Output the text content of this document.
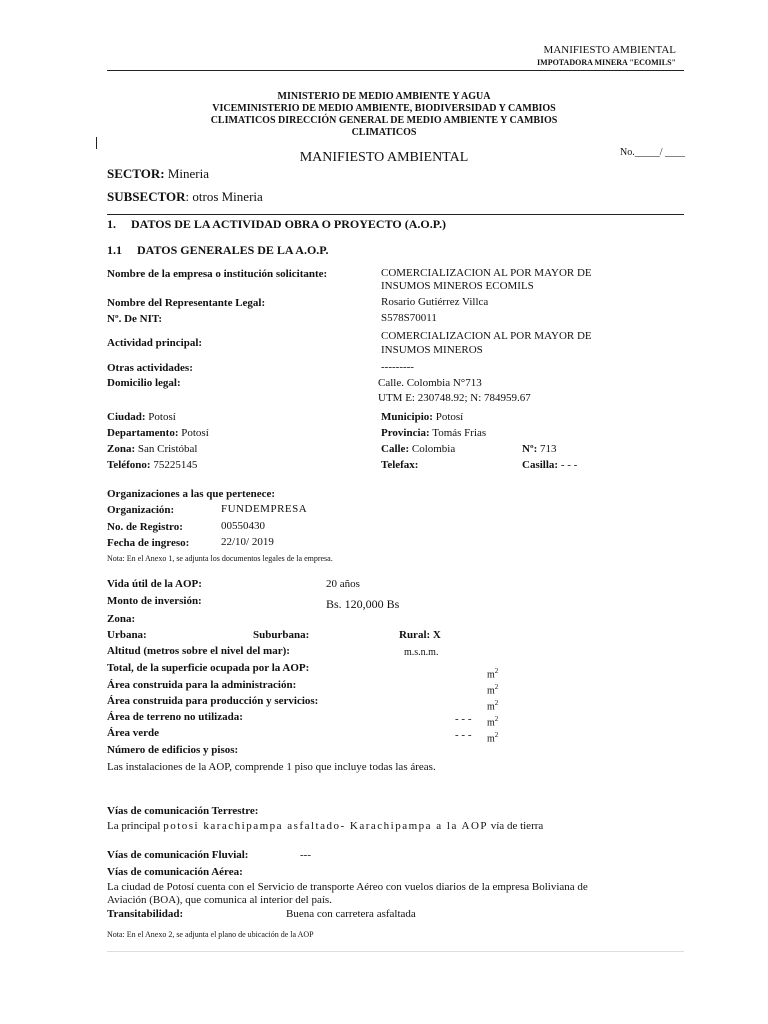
MANIFIESTO AMBIENTAL
IMPOTADORA MINERA "ECOMILS"
MINISTERIO DE MEDIO AMBIENTE Y AGUA
VICEMINISTERIO DE MEDIO AMBIENTE, BIODIVERSIDAD Y CAMBIOS
CLIMATICOS DIRECCIÓN GENERAL DE MEDIO AMBIENTE Y CAMBIOS
CLIMATICOS
MANIFIESTO AMBIENTAL	No._____/ ____
SECTOR: Mineria
SUBSECTOR: otros Mineria
1.     DATOS DE LA ACTIVIDAD OBRA O PROYECTO (A.O.P.)
1.1     DATOS GENERALES DE LA A.O.P.
Nombre de la empresa o institución solicitante:	COMERCIALIZACION AL POR MAYOR DE
INSUMOS MINEROS ECOMILS
Nombre del Representante Legal:	Rosario Gutiérrez Villca
Nº. De NIT:	S578S70011
Actividad principal:
COMERCIALIZACION AL POR MAYOR DE
INSUMOS MINEROS
Otras actividades:	---------
Domicilio legal:	Calle. Colombia N°713
UTM E: 230748.92; N: 784959.67
Ciudad: Potosí	Municipio: Potosí
Departamento: Potosí	Provincia: Tomás Frias
Zona: San Cristóbal	Calle: Colombia	Nº: 713
Teléfono: 75225145	Telefax:	Casilla: - - -
Organizaciones a las que pertenece:
Organización:	FUNDEMPRESA
No. de Registro:	00550430
Fecha de ingreso:	22/10/ 2019
Nota: En el Anexo 1, se adjunta los documentos legales de la empresa.
Vida útil de la AOP:	20 años
Monto de inversión:	Bs. 120,000 Bs
Zona:
Urbana:	Suburbana:	Rural: X
Altitud (metros sobre el nivel del mar):	m.s.n.m.
Total, de la superficie ocupada por la AOP:
$m^2$
Área construida para la administración:	$m^2$
Área construida para producción y servicios:	$m^2$
Área de terreno no utilizada:	- - - $m^2$
Área verde	- - - $m^2$
Número de edificios y pisos:
Las instalaciones de la AOP, comprende 1 piso que incluye todas las áreas.
Vías de comunicación Terrestre:
La principal potosi karachipampa asfaltado- Karachipampa a la AOP vía de tierra
Vías de comunicación Fluvial:	---
Vías de comunicación Aérea:
La ciudad de Potosí cuenta con el Servicio de transporte Aéreo con vuelos diarios de la empresa Boliviana de
Aviación (BOA), que comunica al interior del país.
Transitabilidad:	Buena con carretera asfaltada
Nota: En el Anexo 2, se adjunta el plano de ubicación de la AOP
